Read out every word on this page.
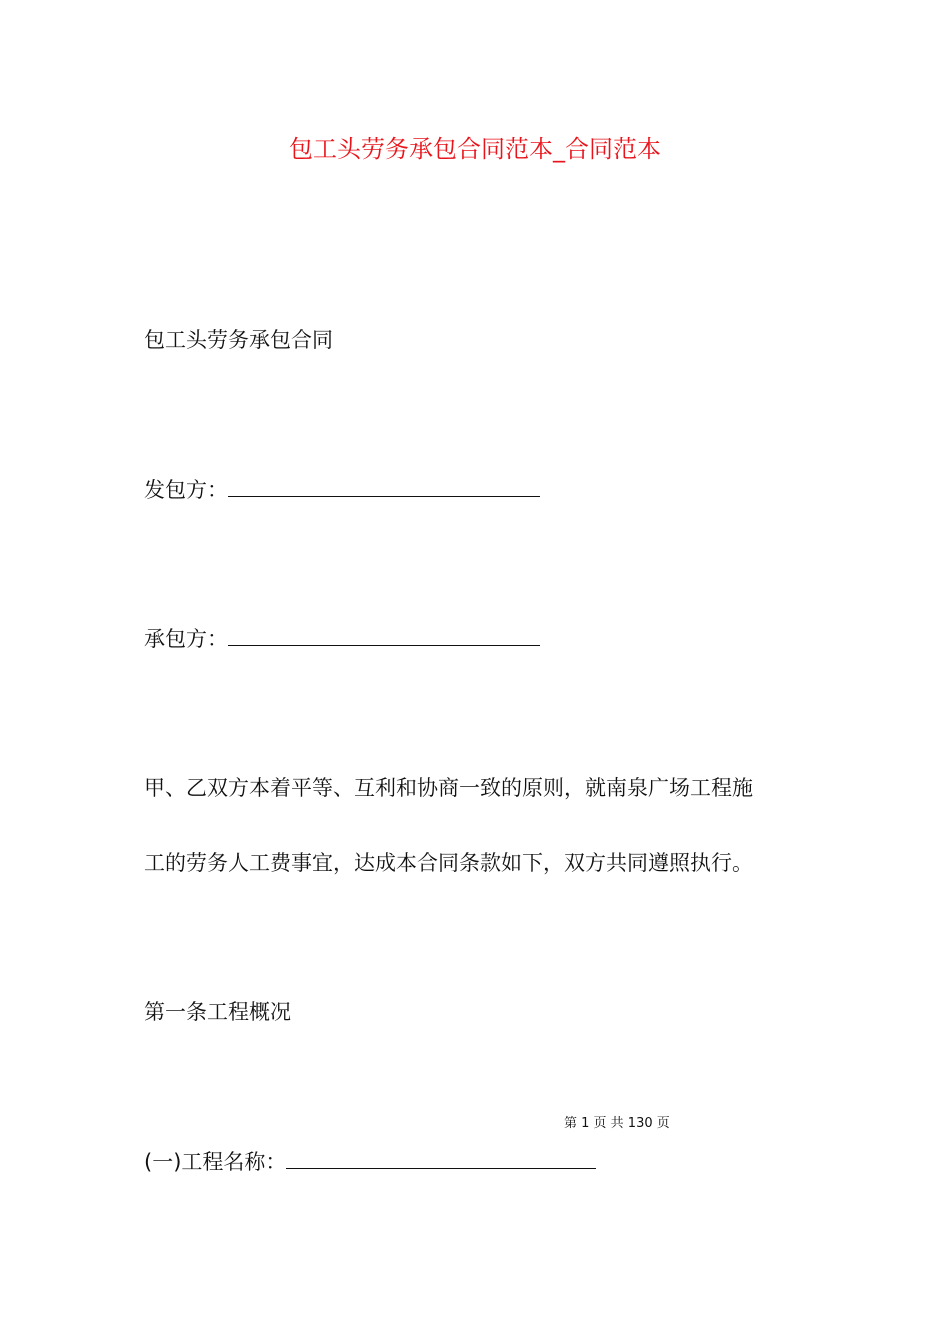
包工头劳务承包合同范本_合同范本
包工头劳务承包合同
发包方：
承包方：
甲、乙双方本着平等、互利和协商一致的原则，就南泉广场工程施
工的劳务人工费事宜，达成本合同条款如下，双方共同遵照执行。
第一条工程概况
第 1 页 共 130 页
(一)工程名称：
